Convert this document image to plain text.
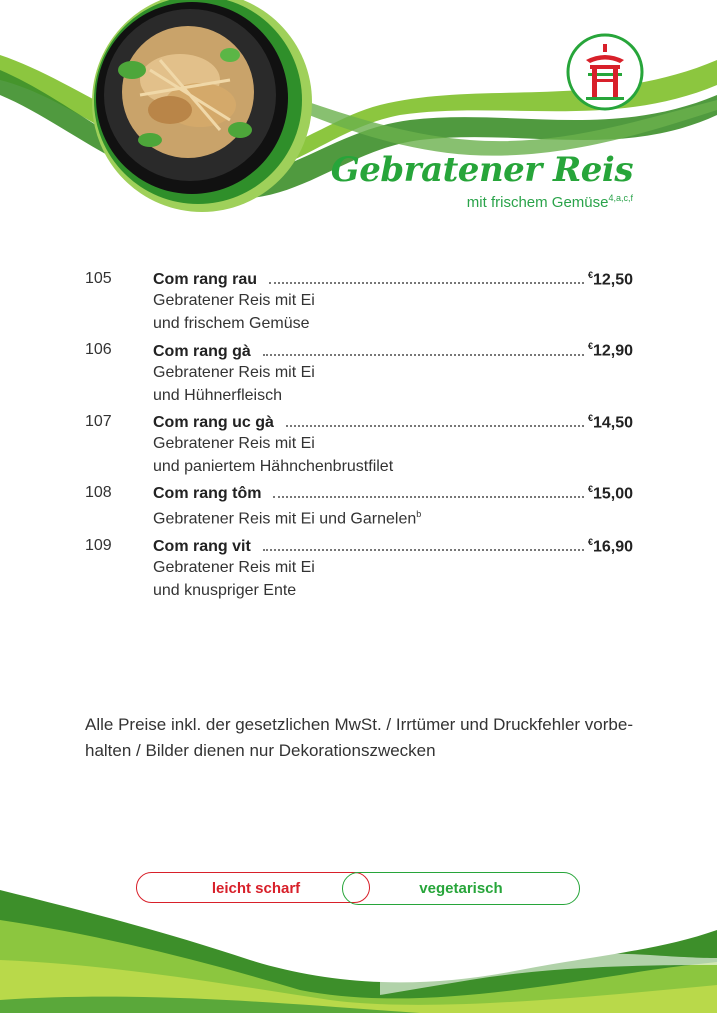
Gebratener Reis
mit frischem Gemüse$^{4,a,c,f}$
105	Com rang rau	€12,50
Gebratener Reis mit Ei
und frischem Gemüse
106	Com rang gà	€12,90
Gebratener Reis mit Ei
und Hühnerfleisch
107	Com rang uc gà	€14,50
Gebratener Reis mit Ei
und paniertem Hähnchenbrustfilet
108	Com rang tôm	€15,00
Gebratener Reis mit Ei und Garnelen$^b$
109	Com rang vit	€16,90
Gebratener Reis mit Ei
und knuspriger Ente
Alle Preise inkl. der gesetzlichen MwSt. / Irrtümer und Druckfehler vorbe-
halten / Bilder dienen nur Dekorationszwecken
leicht scharf	vegetarisch
